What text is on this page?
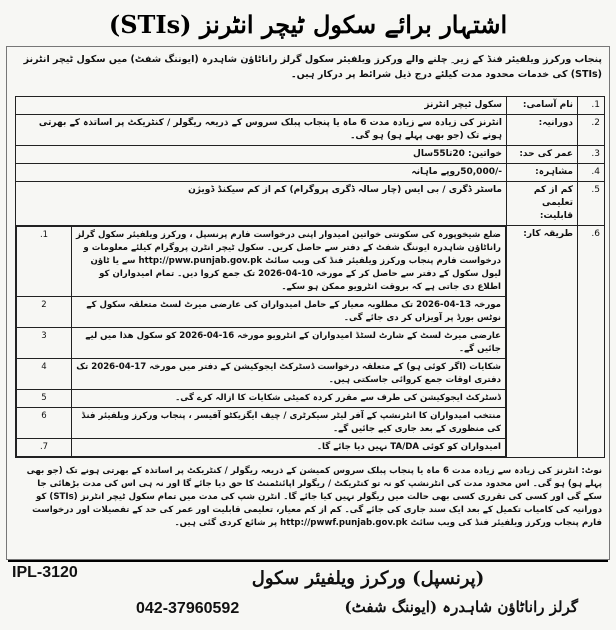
اشتہار برائے سکول ٹیچر انٹرنز (STIs)
پنجاب ورکرز ویلفیئر فنڈ کے زیر ِ چلنے والے ورکرز ویلفیئر سکول گرلز راناٹاؤن شاہدرہ (ایوننگ شفٹ) میں سکول ٹیچر انٹرنز (STIs) کی خدمات محدود مدت کیلئے درج ذیل شرائط پر درکار ہیں۔
1.	نام آسامی:	سکول ٹیچر انٹرنز
2.	دورانیہ:	انٹرنز کی زیادہ سے زیادہ مدت 6 ماہ یا پنجاب پبلک سروس کے ذریعہ ریگولر / کنٹریکٹ پر اساتذہ کے بھرتی ہونے تک (جو بھی پہلے ہو) ہو گی۔
3.	عمر کی حد:	خواتین: 20تا55سال
4.	مشاہرہ:	-/50,000روپے ماہانہ
5.	کم از کم تعلیمی قابلیت:	ماسٹر ڈگری / بی ایس (چار سالہ ڈگری پروگرام) کم از کم سیکنڈ ڈویژن
6.	طریقہ کار:	
ضلع شیخوپورہ کی سکونتی خواتین امیدوار اپنی درخواست فارم پرنسپل ، ورکرز ویلفیئر سکول گرلز راناٹاؤن شاہدرہ ایوننگ شفٹ کے دفتر سے حاصل کریں۔ سکول ٹیچر انٹرن پروگرام کیلئے معلومات و درخواست فارم پنجاب ورکرز ویلفیئر فنڈ کی ویب سائٹ http://pww.punjab.gov.pk سے یا ٹاؤن لیول سکول کے دفتر سے حاصل کر کے مورخہ 10-04-2026 تک جمع کروا دیں۔ تمام امیدواران کو اطلاع دی جاتی ہے کہ بروقت انٹرویو ممکن ہو سکے۔	1.
مورخہ 13-04-2026 تک مطلوبہ معیار کے حامل امیدواران کی عارضی میرٹ لسٹ متعلقہ سکول کے نوٹس بورڈ پر آویزاں کر دی جائے گی۔	2
عارضی میرٹ لسٹ کے شارٹ لسٹڈ امیدواران کے انٹرویو مورخہ 16-04-2026 کو سکول ھذا میں لیے جائیں گے۔	3
شکایات (اگر کوئی ہو) کے متعلقہ درخواست ڈسٹرکٹ ایجوکیشن کے دفتر میں مورخہ 17-04-2026 تک دفتری اوقات جمع کروائی جاسکتی ہیں۔	4
ڈسٹرکٹ ایجوکیشن کی طرف سے مقرر کردہ کمیٹی شکایات کا ازالہ کرے گی۔	5
منتخب امیدواران کا انٹرنشپ کے آفر لیٹر سیکرٹری / چیف ایگزیکٹو آفیسر ، پنجاب ورکرز ویلفیئر فنڈ کی منظوری کے بعد جاری کیے جائیں گے۔	6
امیدواران کو کوئی TA/DA نہیں دیا جائے گا۔	7.
نوٹ: انٹرنز کی زیادہ سے زیادہ مدت 6 ماہ یا پنجاب پبلک سروس کمیشن کے ذریعہ ریگولر / کنٹریکٹ پر اساتذہ کے بھرتی ہونے تک (جو بھی پہلے ہو) ہو گی۔ اس محدود مدت کی انٹرنشپ کو نہ تو کنٹریکٹ / ریگولر اپائنٹمنٹ کا حق دیا جائے گا اور نہ ہی اس کی مدت بڑھائی جا سکے گی اور کسی کی تقرری کسی بھی حالت میں ریگولر نہیں کیا جائے گا۔ انٹرن شپ کی مدت میں تمام سکول ٹیچر انٹرنز (STIs) کو دورانیہ کی کامیاب تکمیل کے بعد ایک سند جاری کی جائے گی۔ کم از کم معیار، تعلیمی قابلیت اور عمر کی حد کے تفصیلات اور درخواست فارم پنجاب ورکرز ویلفیئر فنڈ کی ویب سائٹ http://pwwf.punjab.gov.pk پر شائع کردی گئی ہیں۔
IPL-3120	(پرنسپل) ورکرز ویلفیئر سکول
042-37960592	گرلز راناٹاؤن شاہدرہ (ایوننگ شفٹ)
